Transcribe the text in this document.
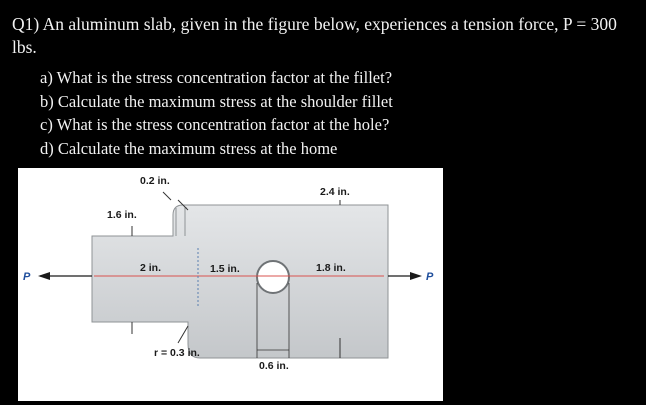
Q1) An aluminum slab, given in the figure below, experiences a tension force, P = 300 lbs.

a) What is the stress concentration factor at the fillet?
b) Calculate the maximum stress at the shoulder fillet
c) What is the stress concentration factor at the hole?
d) Calculate the maximum stress at the home
0.2 in.
1.6 in.
2.4 in.
2 in.	1.5 in.	1.8 in.
r = 0.3 in.
0.6 in.
P	P
